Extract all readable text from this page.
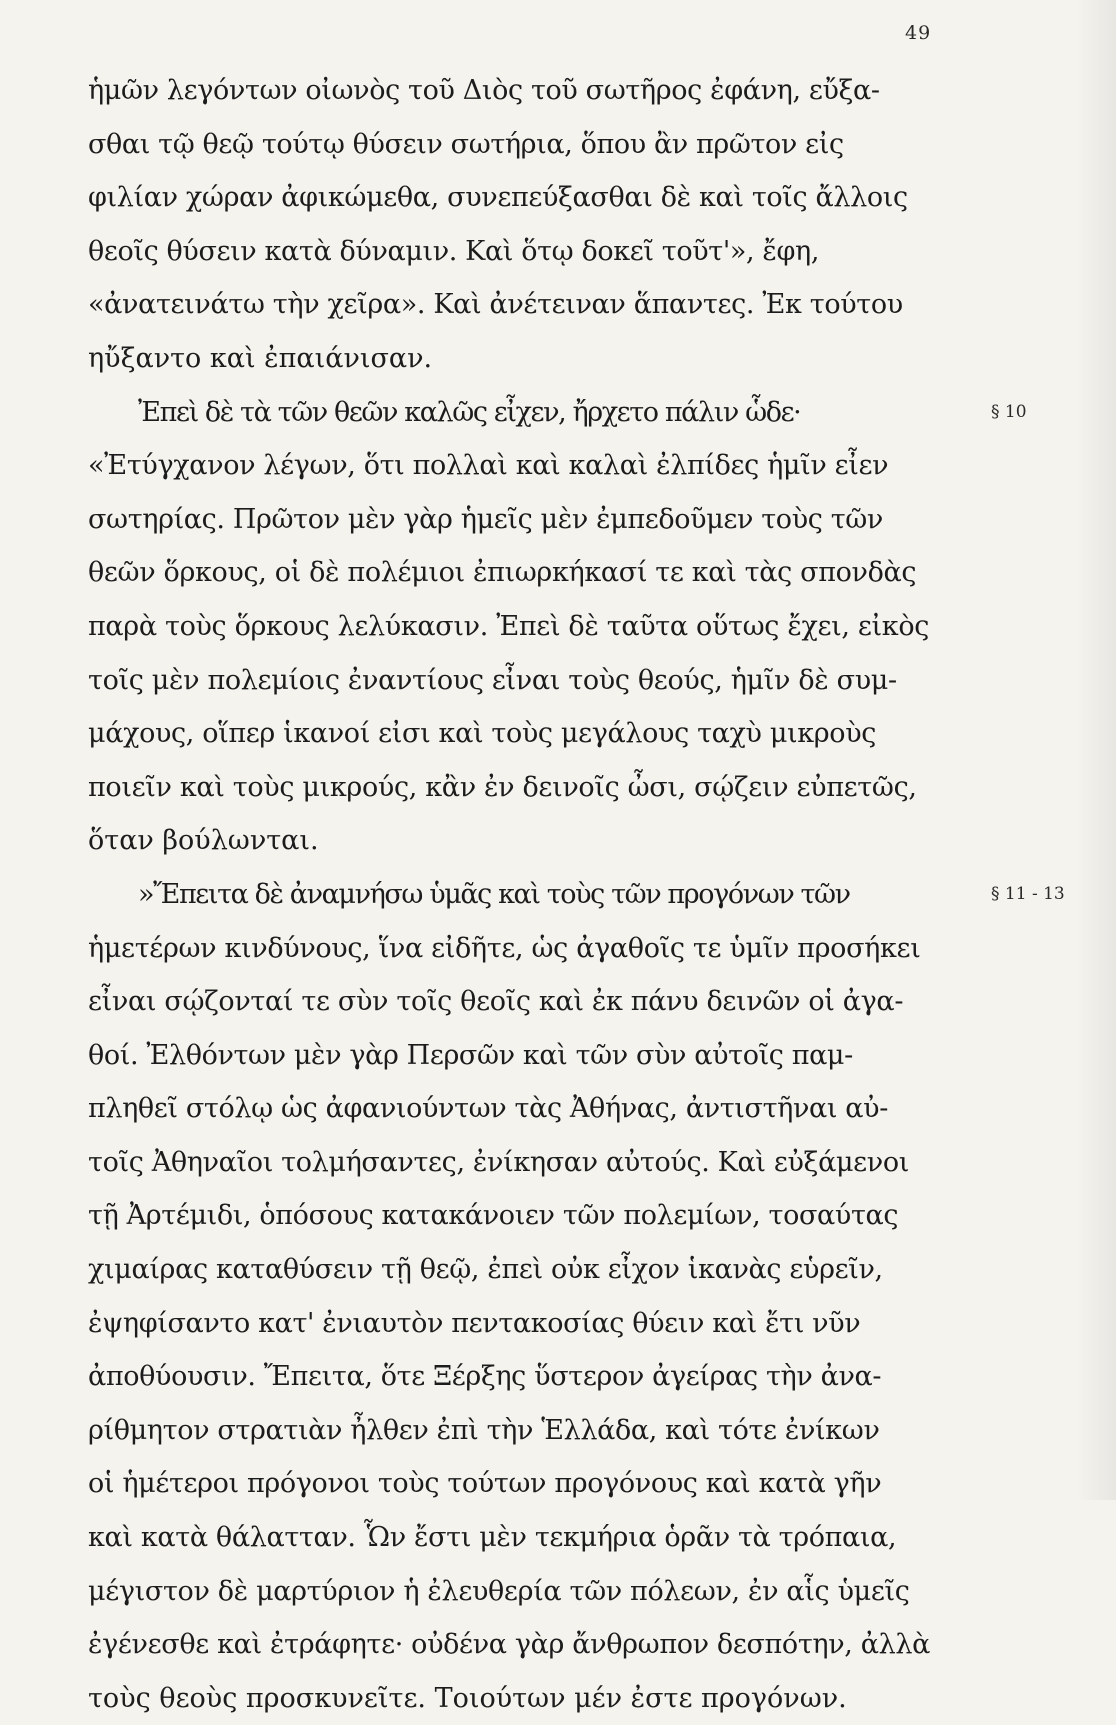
49
ἡμῶν λεγόντων οἰωνὸς τοῦ Διὸς τοῦ σωτῆρος ἐφάνη, εὔξα-
σθαι τῷ θεῷ τούτῳ θύσειν σωτήρια, ὅπου ἂν πρῶτον εἰς
φιλίαν χώραν ἀφικώμεθα, συνεπεύξασθαι δὲ καὶ τοῖς ἄλλοις
θεοῖς θύσειν κατὰ δύναμιν. Καὶ ὅτῳ δοκεῖ τοῦτ'», ἔφη,
«ἀνατεινάτω τὴν χεῖρα». Καὶ ἀνέτειναν ἅπαντες. Ἐκ τούτου
ηὔξαντο καὶ ἐπαιάνισαν.
Ἐπεὶ δὲ τὰ τῶν θεῶν καλῶς εἶχεν, ἤρχετο πάλιν ὧδε·	§ 10
«Ἐτύγχανον λέγων, ὅτι πολλαὶ καὶ καλαὶ ἐλπίδες ἡμῖν εἶεν
σωτηρίας. Πρῶτον μὲν γὰρ ἡμεῖς μὲν ἐμπεδοῦμεν τοὺς τῶν
θεῶν ὅρκους, οἱ δὲ πολέμιοι ἐπιωρκήκασί τε καὶ τὰς σπονδὰς
παρὰ τοὺς ὅρκους λελύκασιν. Ἐπεὶ δὲ ταῦτα οὕτως ἔχει, εἰκὸς
τοῖς μὲν πολεμίοις ἐναντίους εἶναι τοὺς θεούς, ἡμῖν δὲ συμ-
μάχους, οἵπερ ἱκανοί εἰσι καὶ τοὺς μεγάλους ταχὺ μικροὺς
ποιεῖν καὶ τοὺς μικρούς, κἂν ἐν δεινοῖς ὦσι, σῴζειν εὐπετῶς,
ὅταν βούλωνται.
»Ἔπειτα δὲ ἀναμνήσω ὑμᾶς καὶ τοὺς τῶν προγόνων τῶν	§ 11 - 13
ἡμετέρων κινδύνους, ἵνα εἰδῆτε, ὡς ἀγαθοῖς τε ὑμῖν προσήκει
εἶναι σῴζονταί τε σὺν τοῖς θεοῖς καὶ ἐκ πάνυ δεινῶν οἱ ἀγα-
θοί. Ἐλθόντων μὲν γὰρ Περσῶν καὶ τῶν σὺν αὐτοῖς παμ-
πληθεῖ στόλῳ ὡς ἀφανιούντων τὰς Ἀθήνας, ἀντιστῆναι αὐ-
τοῖς Ἀθηναῖοι τολμήσαντες, ἐνίκησαν αὐτούς. Καὶ εὐξάμενοι
τῇ Ἀρτέμιδι, ὁπόσους κατακάνοιεν τῶν πολεμίων, τοσαύτας
χιμαίρας καταθύσειν τῇ θεῷ, ἐπεὶ οὐκ εἶχον ἱκανὰς εὑρεῖν,
ἐψηφίσαντο κατ' ἐνιαυτὸν πεντακοσίας θύειν καὶ ἔτι νῦν
ἀποθύουσιν. Ἔπειτα, ὅτε Ξέρξης ὕστερον ἀγείρας τὴν ἀνα-
ρίθμητον στρατιὰν ἦλθεν ἐπὶ τὴν Ἑλλάδα, καὶ τότε ἐνίκων
οἱ ἡμέτεροι πρόγονοι τοὺς τούτων προγόνους καὶ κατὰ γῆν
καὶ κατὰ θάλατταν. Ὧν ἔστι μὲν τεκμήρια ὁρᾶν τὰ τρόπαια,
μέγιστον δὲ μαρτύριον ἡ ἐλευθερία τῶν πόλεων, ἐν αἷς ὑμεῖς
ἐγένεσθε καὶ ἐτράφητε· οὐδένα γὰρ ἄνθρωπον δεσπότην, ἀλλὰ
τοὺς θεοὺς προσκυνεῖτε. Τοιούτων μέν ἐστε προγόνων.
